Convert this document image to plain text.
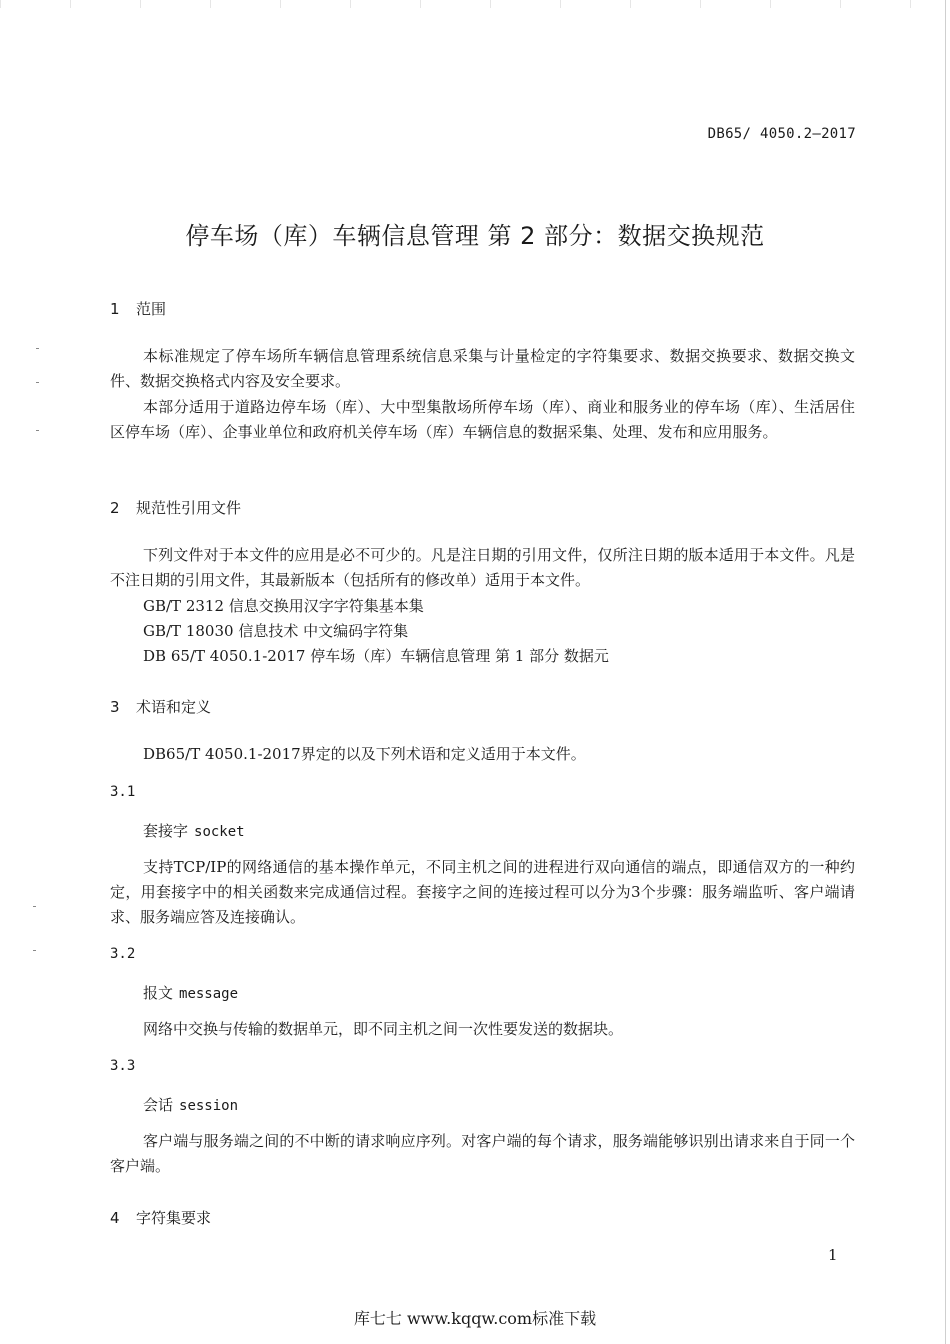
DB65/ 4050.2—2017
停车场（库）车辆信息管理 第 2 部分：数据交换规范
1 范围

本标准规定了停车场所车辆信息管理系统信息采集与计量检定的字符集要求、数据交换要求、数据交换文件、数据交换格式内容及安全要求。

本部分适用于道路边停车场（库）、大中型集散场所停车场（库）、商业和服务业的停车场（库）、生活居住区停车场（库）、企事业单位和政府机关停车场（库）车辆信息的数据采集、处理、发布和应用服务。

2 规范性引用文件

下列文件对于本文件的应用是必不可少的。凡是注日期的引用文件，仅所注日期的版本适用于本文件。凡是不注日期的引用文件，其最新版本（包括所有的修改单）适用于本文件。

GB/T 2312 信息交换用汉字字符集基本集
GB/T 18030 信息技术 中文编码字符集
DB 65/T 4050.1-2017 停车场（库）车辆信息管理 第 1 部分 数据元
3 术语和定义

DB65/T 4050.1-2017界定的以及下列术语和定义适用于本文件。

3.1
套接字 socket

支持TCP/IP的网络通信的基本操作单元，不同主机之间的进程进行双向通信的端点，即通信双方的一种约定，用套接字中的相关函数来完成通信过程。套接字之间的连接过程可以分为3个步骤：服务端监听、客户端请求、服务端应答及连接确认。

3.2
报文 message

网络中交换与传输的数据单元，即不同主机之间一次性要发送的数据块。

3.3
会话 session

客户端与服务端之间的不中断的请求响应序列。对客户端的每个请求，服务端能够识别出请求来自于同一个客户端。

4 字符集要求
1
库七七 www.kqqw.com标准下载
